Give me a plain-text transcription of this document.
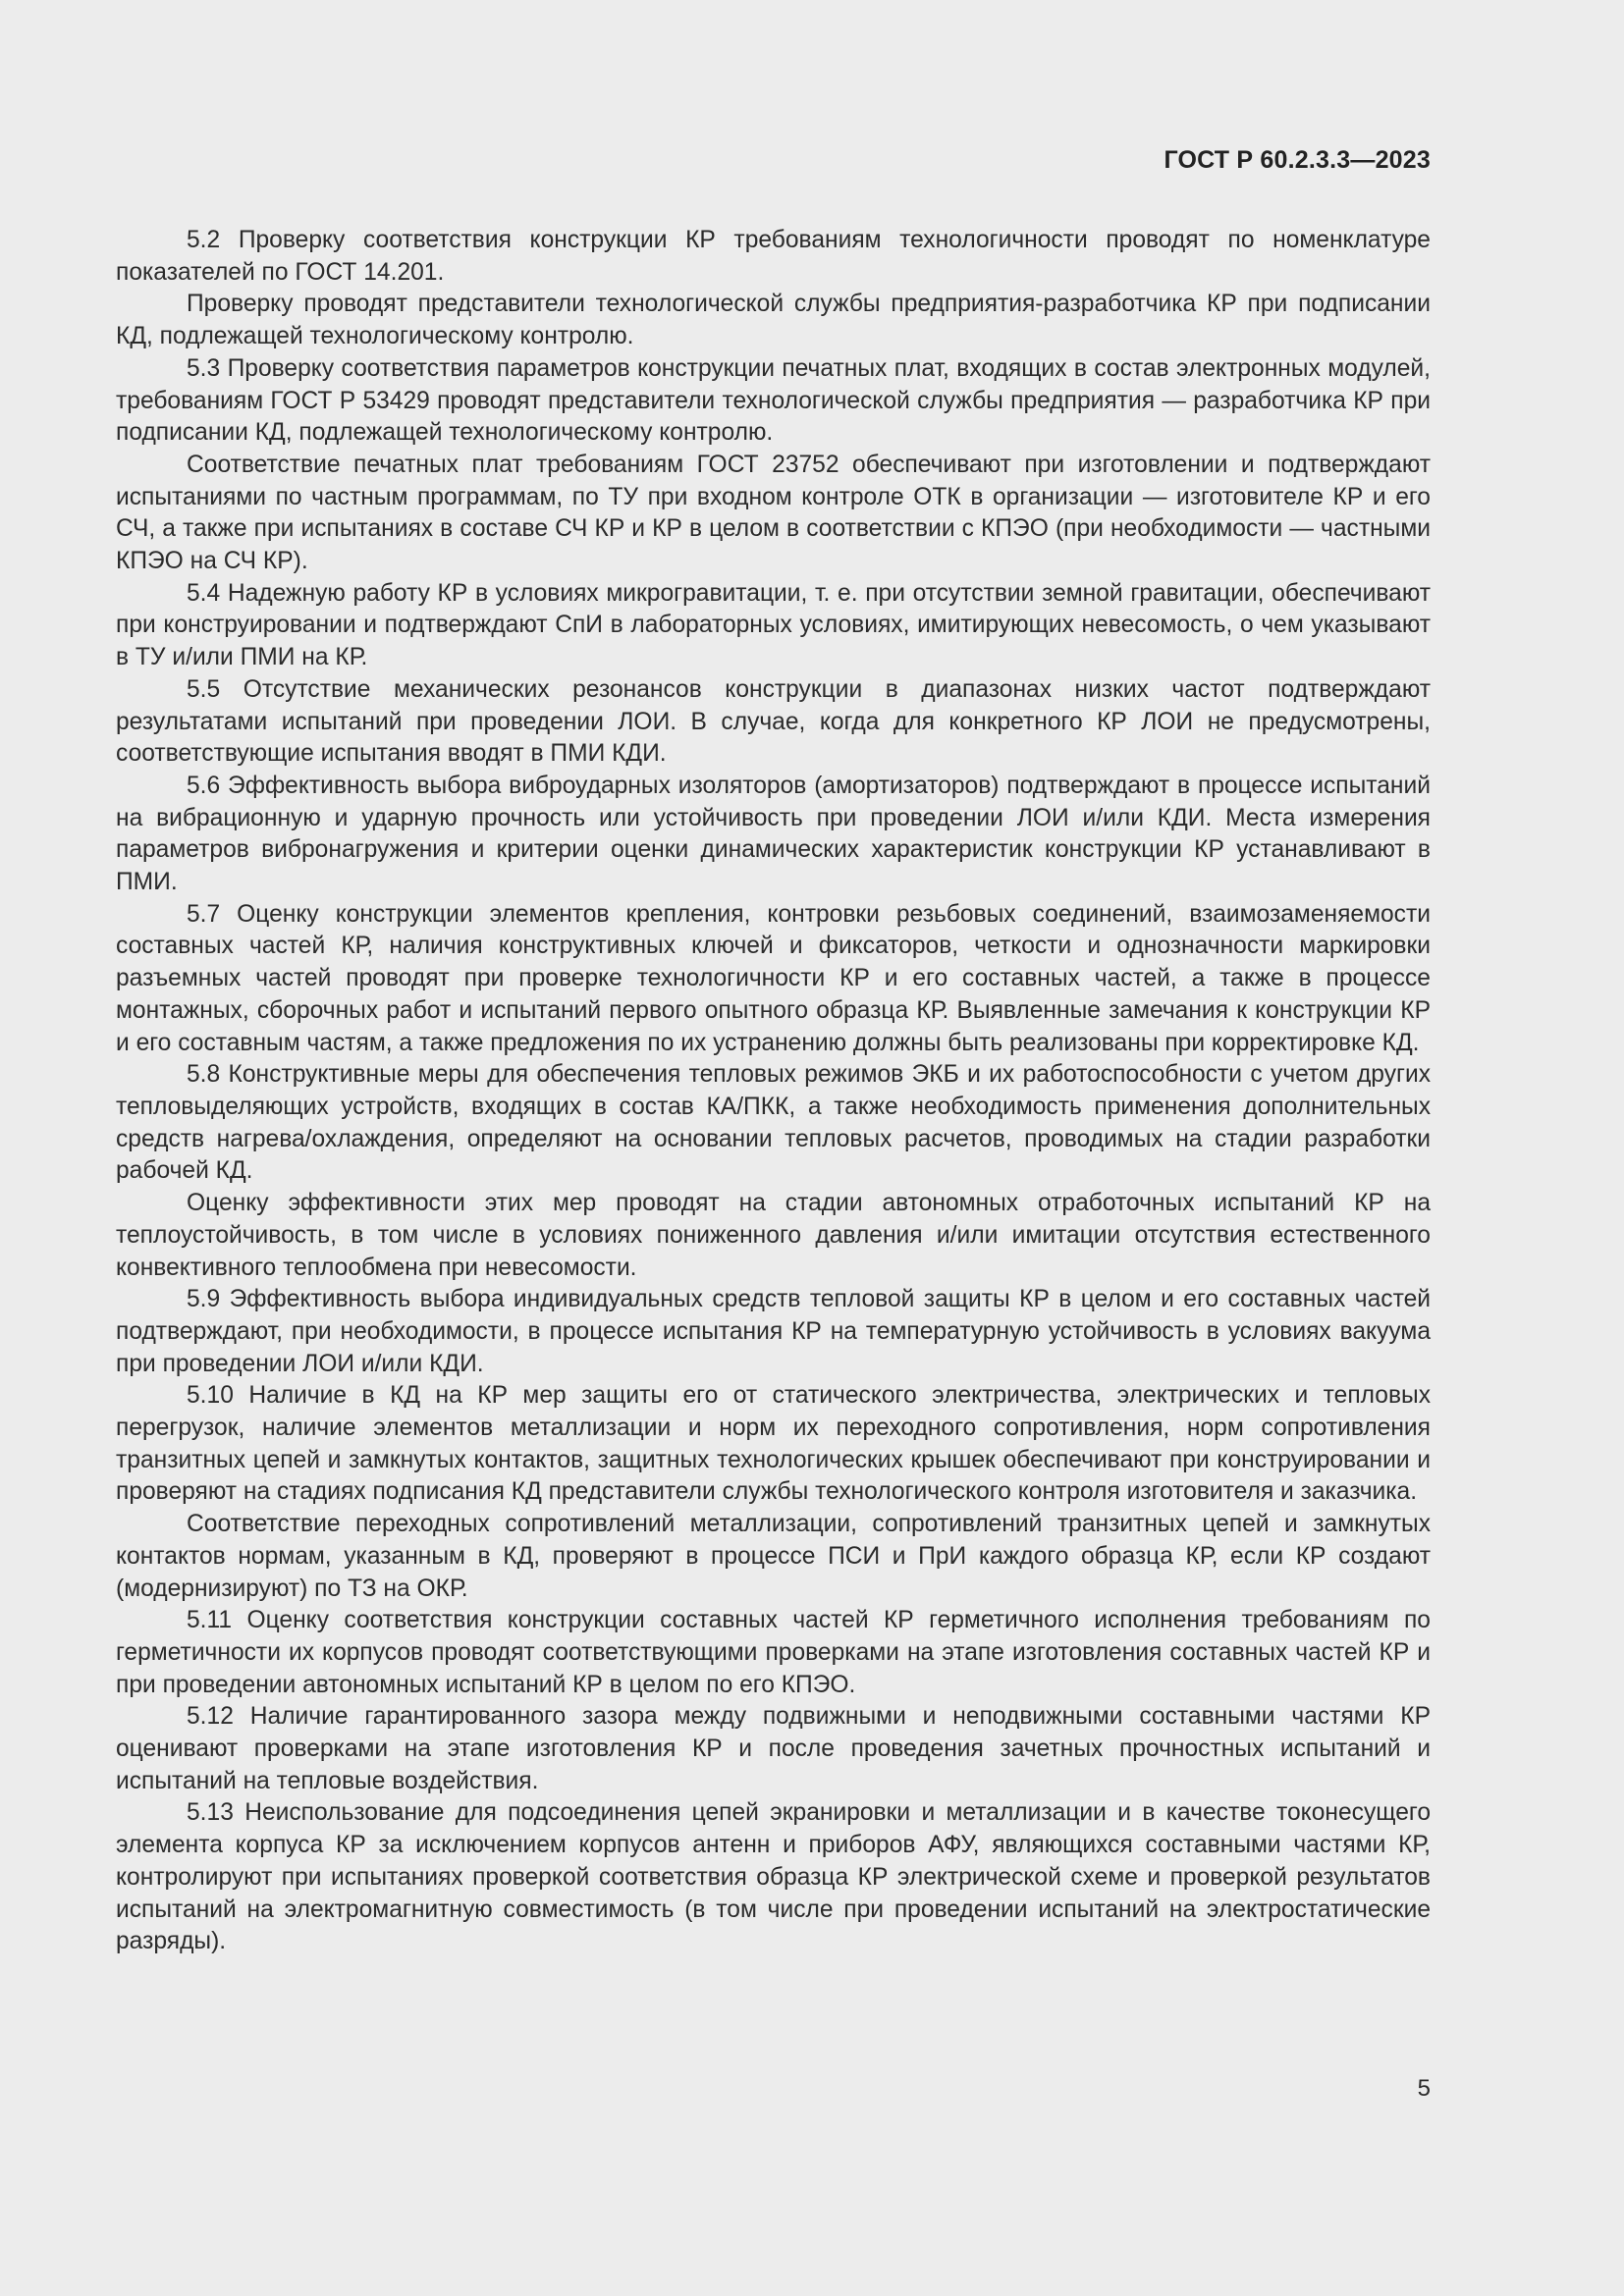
ГОСТ Р 60.2.3.3—2023

5.2 Проверку соответствия конструкции КР требованиям технологичности проводят по номенклатуре показателей по ГОСТ 14.201.

Проверку проводят представители технологической службы предприятия-разработчика КР при подписании КД, подлежащей технологическому контролю.

5.3 Проверку соответствия параметров конструкции печатных плат, входящих в состав электронных модулей, требованиям ГОСТ Р 53429 проводят представители технологической службы предприятия — разработчика КР при подписании КД, подлежащей технологическому контролю.

Соответствие печатных плат требованиям ГОСТ 23752 обеспечивают при изготовлении и подтверждают испытаниями по частным программам, по ТУ при входном контроле ОТК в организации — изготовителе КР и его СЧ, а также при испытаниях в составе СЧ КР и КР в целом в соответствии с КПЭО (при необходимости — частными КПЭО на СЧ КР).

5.4 Надежную работу КР в условиях микрогравитации, т. е. при отсутствии земной гравитации, обеспечивают при конструировании и подтверждают СпИ в лабораторных условиях, имитирующих невесомость, о чем указывают в ТУ и/или ПМИ на КР.

5.5 Отсутствие механических резонансов конструкции в диапазонах низких частот подтверждают результатами испытаний при проведении ЛОИ. В случае, когда для конкретного КР ЛОИ не предусмотрены, соответствующие испытания вводят в ПМИ КДИ.

5.6 Эффективность выбора виброударных изоляторов (амортизаторов) подтверждают в процессе испытаний на вибрационную и ударную прочность или устойчивость при проведении ЛОИ и/или КДИ. Места измерения параметров вибронагружения и критерии оценки динамических характеристик конструкции КР устанавливают в ПМИ.

5.7 Оценку конструкции элементов крепления, контровки резьбовых соединений, взаимозаменяемости составных частей КР, наличия конструктивных ключей и фиксаторов, четкости и однозначности маркировки разъемных частей проводят при проверке технологичности КР и его составных частей, а также в процессе монтажных, сборочных работ и испытаний первого опытного образца КР. Выявленные замечания к конструкции КР и его составным частям, а также предложения по их устранению должны быть реализованы при корректировке КД.

5.8 Конструктивные меры для обеспечения тепловых режимов ЭКБ и их работоспособности с учетом других тепловыделяющих устройств, входящих в состав КА/ПКК, а также необходимость применения дополнительных средств нагрева/охлаждения, определяют на основании тепловых расчетов, проводимых на стадии разработки рабочей КД.

Оценку эффективности этих мер проводят на стадии автономных отработочных испытаний КР на теплоустойчивость, в том числе в условиях пониженного давления и/или имитации отсутствия естественного конвективного теплообмена при невесомости.

5.9 Эффективность выбора индивидуальных средств тепловой защиты КР в целом и его составных частей подтверждают, при необходимости, в процессе испытания КР на температурную устойчивость в условиях вакуума при проведении ЛОИ и/или КДИ.

5.10 Наличие в КД на КР мер защиты его от статического электричества, электрических и тепловых перегрузок, наличие элементов металлизации и норм их переходного сопротивления, норм сопротивления транзитных цепей и замкнутых контактов, защитных технологических крышек обеспечивают при конструировании и проверяют на стадиях подписания КД представители службы технологического контроля изготовителя и заказчика.

Соответствие переходных сопротивлений металлизации, сопротивлений транзитных цепей и замкнутых контактов нормам, указанным в КД, проверяют в процессе ПСИ и ПрИ каждого образца КР, если КР создают (модернизируют) по ТЗ на ОКР.

5.11 Оценку соответствия конструкции составных частей КР герметичного исполнения требованиям по герметичности их корпусов проводят соответствующими проверками на этапе изготовления составных частей КР и при проведении автономных испытаний КР в целом по его КПЭО.

5.12 Наличие гарантированного зазора между подвижными и неподвижными составными частями КР оценивают проверками на этапе изготовления КР и после проведения зачетных прочностных испытаний и испытаний на тепловые воздействия.

5.13 Неиспользование для подсоединения цепей экранировки и металлизации и в качестве токонесущего элемента корпуса КР за исключением корпусов антенн и приборов АФУ, являющихся составными частями КР, контролируют при испытаниях проверкой соответствия образца КР электрической схеме и проверкой результатов испытаний на электромагнитную совместимость (в том числе при проведении испытаний на электростатические разряды).

5
